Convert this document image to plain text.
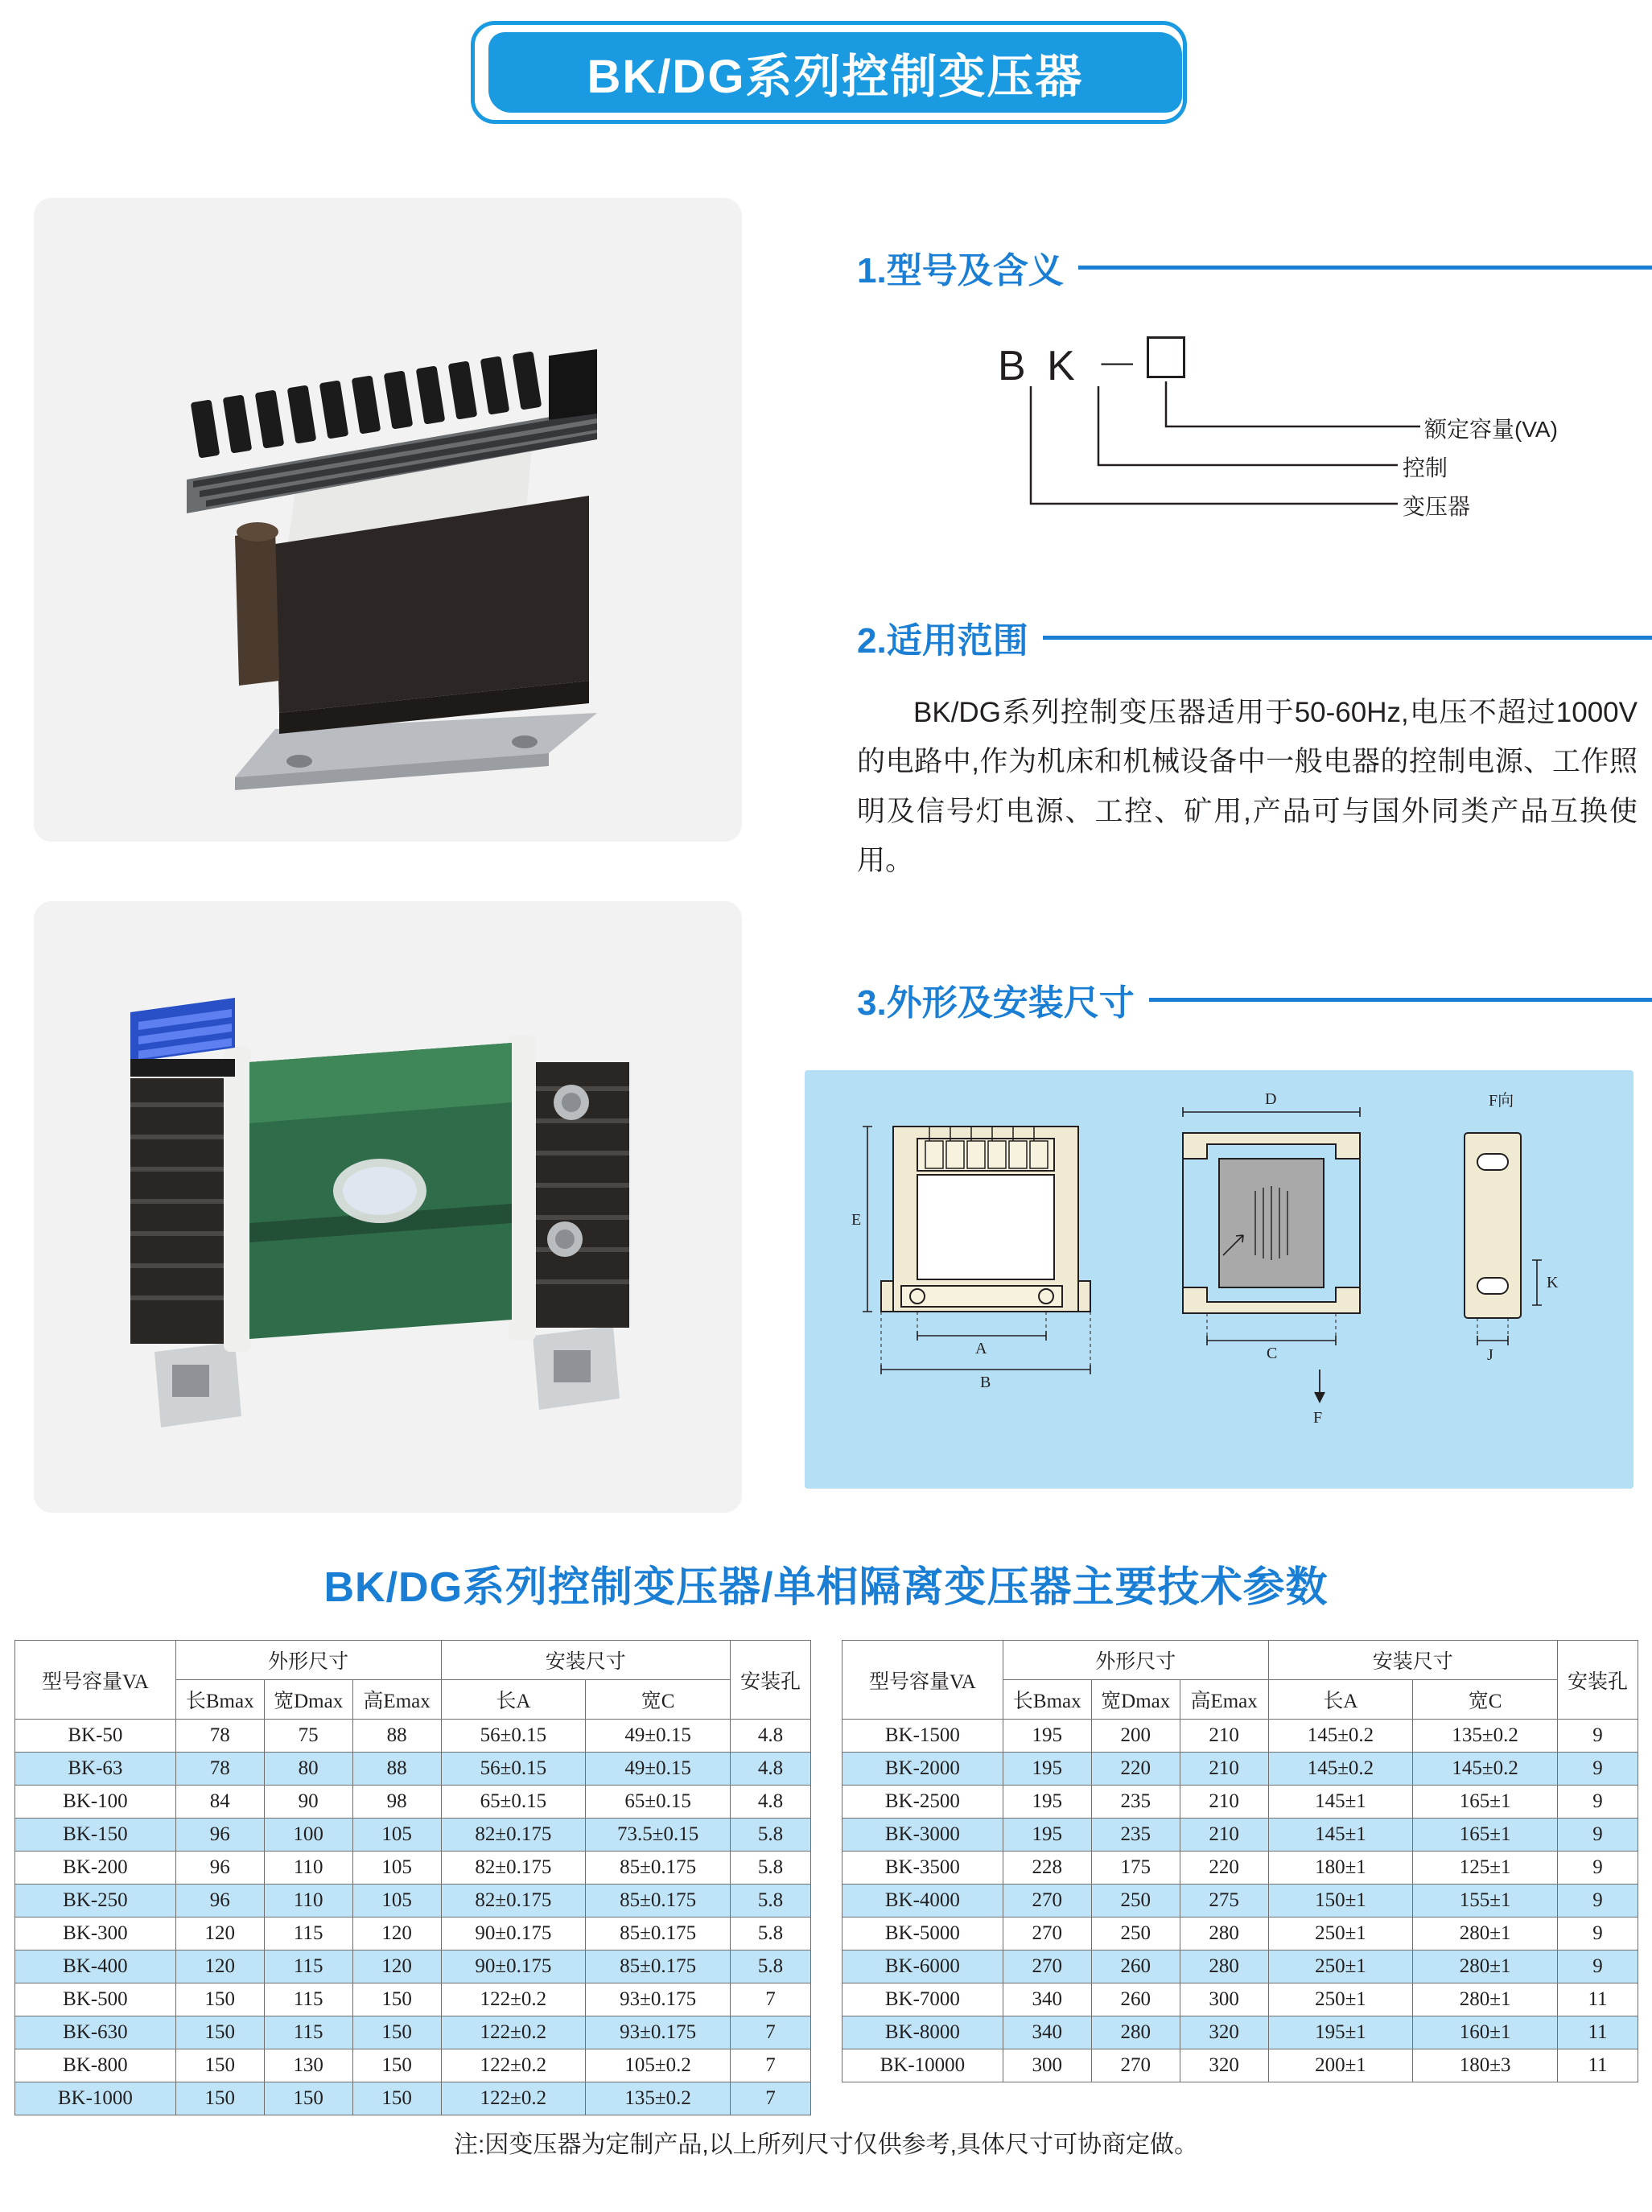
BK/DG系列控制变压器
1.型号及含义
B K －
额定容量(VA)
控制
变压器
2.适用范围
BK/DG系列控制变压器适用于50-60Hz,电压不超过1000V的电路中,作为机床和机械设备中一般电器的控制电源、工作照明及信号灯电源、工控、矿用,产品可与国外同类产品互换使用。
3.外形及安装尺寸
E
A
B
D
C
F
F向
K
J
BK/DG系列控制变压器/单相隔离变压器主要技术参数
型号容量VA	外形尺寸			安装尺寸		安装孔
	长Bmax	宽Dmax	高Emax	长A	宽C	
BK-50	78	75	88	56±0.15	49±0.15	4.8
BK-63	78	80	88	56±0.15	49±0.15	4.8
BK-100	84	90	98	65±0.15	65±0.15	4.8
BK-150	96	100	105	82±0.175	73.5±0.15	5.8
BK-200	96	110	105	82±0.175	85±0.175	5.8
BK-250	96	110	105	82±0.175	85±0.175	5.8
BK-300	120	115	120	90±0.175	85±0.175	5.8
BK-400	120	115	120	90±0.175	85±0.175	5.8
BK-500	150	115	150	122±0.2	93±0.175	7
BK-630	150	115	150	122±0.2	93±0.175	7
BK-800	150	130	150	122±0.2	105±0.2	7
BK-1000	150	150	150	122±0.2	135±0.2	7
型号容量VA	外形尺寸			安装尺寸		安装孔
	长Bmax	宽Dmax	高Emax	长A	宽C	
BK-1500	195	200	210	145±0.2	135±0.2	9
BK-2000	195	220	210	145±0.2	145±0.2	9
BK-2500	195	235	210	145±1	165±1	9
BK-3000	195	235	210	145±1	165±1	9
BK-3500	228	175	220	180±1	125±1	9
BK-4000	270	250	275	150±1	155±1	9
BK-5000	270	250	280	250±1	280±1	9
BK-6000	270	260	280	250±1	280±1	9
BK-7000	340	260	300	250±1	280±1	11
BK-8000	340	280	320	195±1	160±1	11
BK-10000	300	270	320	200±1	180±3	11
注:因变压器为定制产品,以上所列尺寸仅供参考,具体尺寸可协商定做。
